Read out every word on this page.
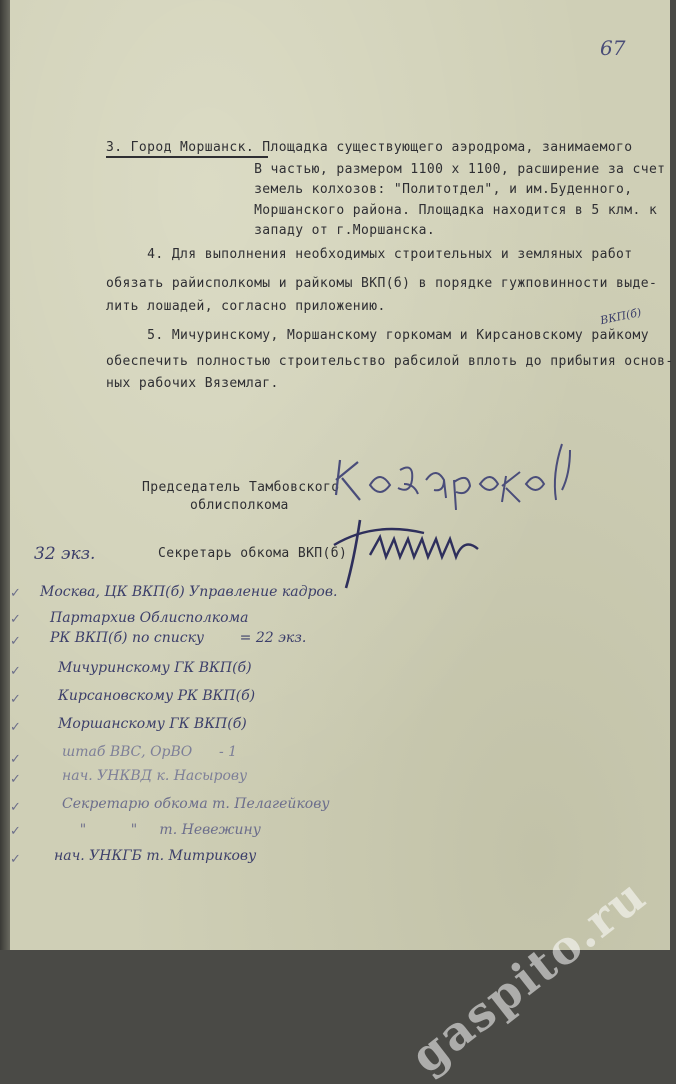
67
3. Город Моршанск. Площадка существующего аэродрома, занимаемого
В частью, размером 1100 х 1100, расширение за счет
земель колхозов: "Политотдел", и им.Буденного,
Моршанского района. Площадка находится в 5 клм. к
западу от г.Моршанска.
4. Для выполнения необходимых строительных и земляных работ
обязать райисполкомы и райкомы ВКП(б) в порядке гужповинности выде-
лить лошадей, согласно приложению.	ВКП(б)
5. Мичуринскому, Моршанскому горкомам и Кирсановскому райкому
обеспечить полностью строительство рабсилой вплоть до прибытия основ-
ных рабочих Вяземлаг.
Председатель Тамбовского
облисполкома
32 экз.	Секретарь обкома ВКП(б)
✓ Москва, ЦК ВКП(б) Управление кадров.
✓ Партархив Облисполкома
✓ РК ВКП(б) по списку        = 22 экз.
✓	Мичуринскому ГК ВКП(б)
✓	Кирсановскому РК ВКП(б)
✓	Моршанскому ГК ВКП(б)
✓	штаб ВВС, ОрВО      - 1
✓	нач. УНКВД к. Насырову
✓	Секретарю обкома т. Пелагейкову
✓	"          "     т. Невежину
✓ нач. УНКГБ т. Митрикову
